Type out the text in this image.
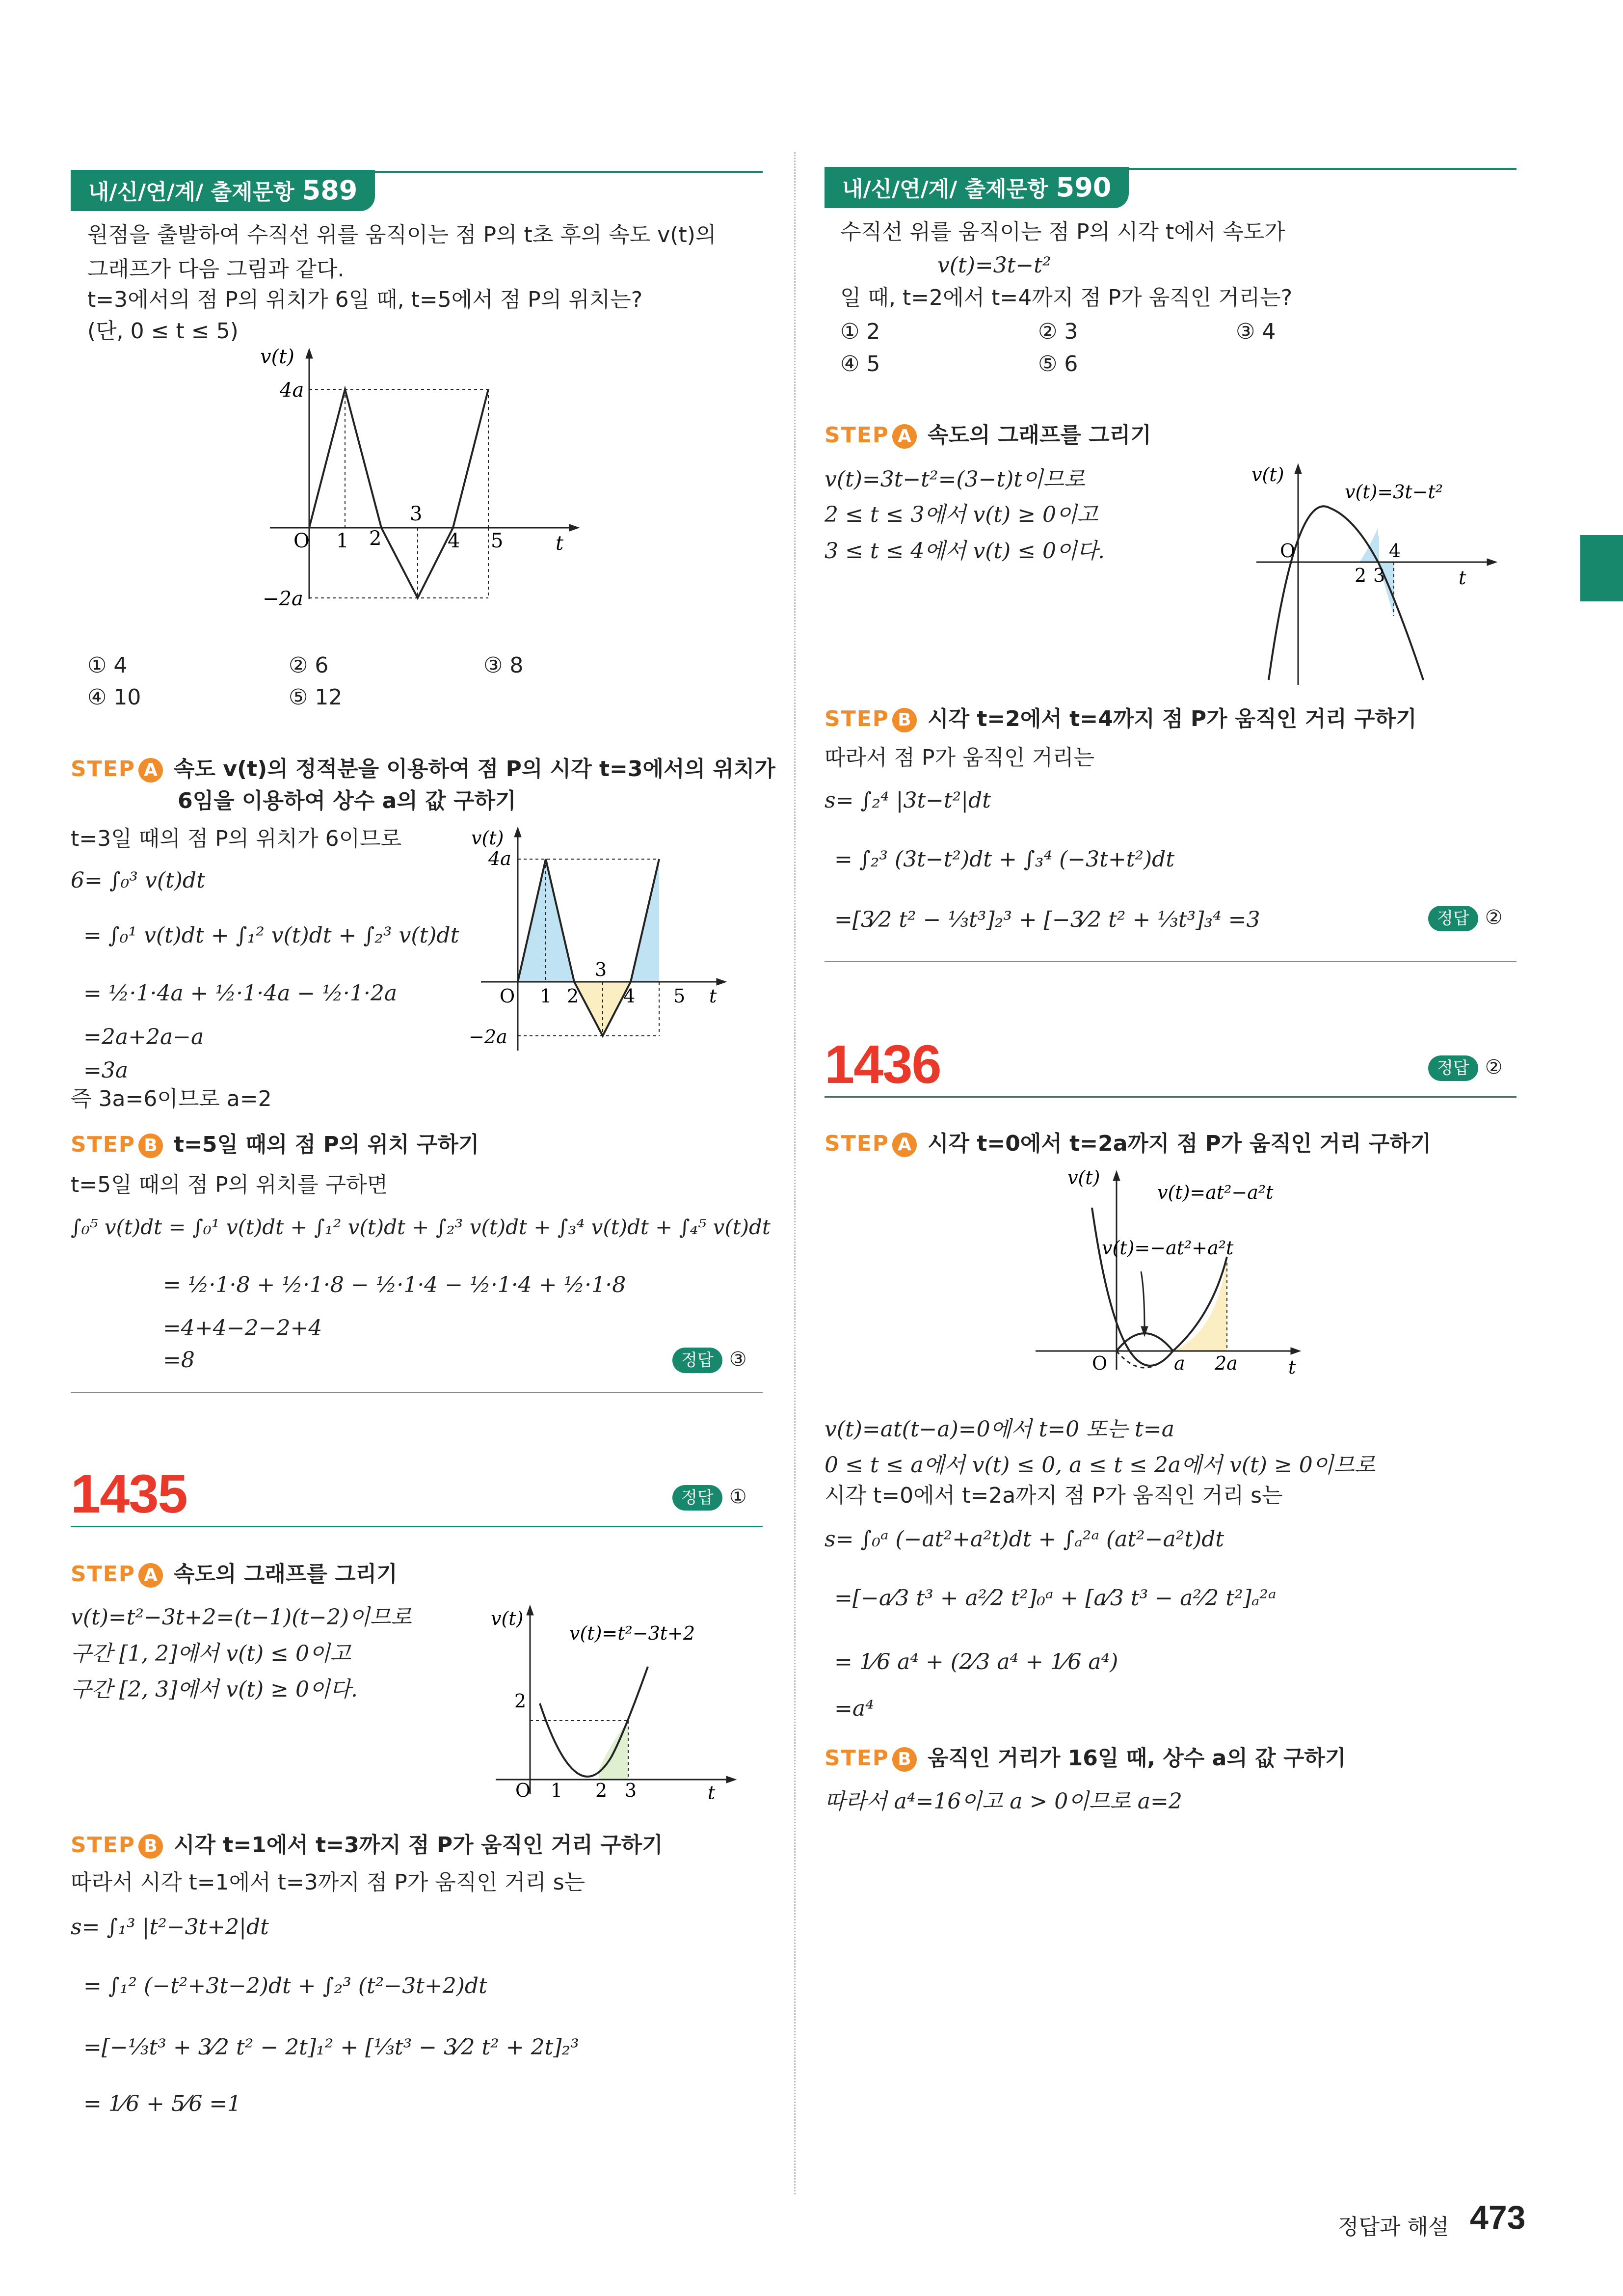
내/신/연/계/ 출제문항 589
원점을 출발하여 수직선 위를 움직이는 점 P의 t초 후의 속도 v(t)의
그래프가 다음 그림과 같다.
t=3에서의 점 P의 위치가 6일 때, t=5에서 점 P의 위치는?
(단, 0 ≤ t ≤ 5)
v(t)
4a
−2a
O 1 2
3
4 5	t
① 4	② 6	③ 8
④ 10	⑤ 12
STEP A 속도 v(t)의 정적분을 이용하여 점 P의 시각 t=3에서의 위치가
6임을 이용하여 상수 a의 값 구하기
t=3일 때의 점 P의 위치가 6이므로
6= ∫₀³ v(t)dt
= ∫₀¹ v(t)dt + ∫₁² v(t)dt + ∫₂³ v(t)dt
= ½·1·4a + ½·1·4a − ½·1·2a
=2a+2a−a
=3a
즉 3a=6이므로 a=2
v(t)
4a
−2a
O 1 2
3
4 5 t
STEP B t=5일 때의 점 P의 위치 구하기
t=5일 때의 점 P의 위치를 구하면
∫₀⁵ v(t)dt = ∫₀¹ v(t)dt + ∫₁² v(t)dt + ∫₂³ v(t)dt + ∫₃⁴ v(t)dt + ∫₄⁵ v(t)dt
= ½·1·8 + ½·1·8 − ½·1·4 − ½·1·4 + ½·1·8
=4+4−2−2+4
=8	정답 ③
1435	정답 ①
STEP A 속도의 그래프를 그리기
v(t)=t²−3t+2=(t−1)(t−2)이므로
구간 [1, 2]에서 v(t) ≤ 0이고
구간 [2, 3]에서 v(t) ≥ 0이다.
v(t)
v(t)=t²−3t+2
2
O 1 2 3	t
STEP B 시각 t=1에서 t=3까지 점 P가 움직인 거리 구하기
따라서 시각 t=1에서 t=3까지 점 P가 움직인 거리 s는
s= ∫₁³ |t²−3t+2|dt
= ∫₁² (−t²+3t−2)dt + ∫₂³ (t²−3t+2)dt
=[−⅓t³ + 3⁄2 t² − 2t]₁² + [⅓t³ − 3⁄2 t² + 2t]₂³
= 1⁄6 + 5⁄6 =1
내/신/연/계/ 출제문항 590
수직선 위를 움직이는 점 P의 시각 t에서 속도가
v(t)=3t−t²
일 때, t=2에서 t=4까지 점 P가 움직인 거리는?
① 2	② 3	③ 4
④ 5	⑤ 6
STEP A 속도의 그래프를 그리기
v(t)=3t−t²=(3−t)t이므로
2 ≤ t ≤ 3에서 v(t) ≥ 0이고
3 ≤ t ≤ 4에서 v(t) ≤ 0이다.
v(t)
v(t)=3t−t²
O
2 3
4
t
STEP B 시각 t=2에서 t=4까지 점 P가 움직인 거리 구하기
따라서 점 P가 움직인 거리는
s= ∫₂⁴ |3t−t²|dt
= ∫₂³ (3t−t²)dt + ∫₃⁴ (−3t+t²)dt
=[3⁄2 t² − ⅓t³]₂³ + [−3⁄2 t² + ⅓t³]₃⁴ =3	정답 ②
1436	정답 ②
STEP A 시각 t=0에서 t=2a까지 점 P가 움직인 거리 구하기
v(t)
v(t)=at²−a²t
v(t)=−at²+a²t
O	a 2a	t
v(t)=at(t−a)=0에서 t=0 또는 t=a
0 ≤ t ≤ a에서 v(t) ≤ 0, a ≤ t ≤ 2a에서 v(t) ≥ 0이므로
시각 t=0에서 t=2a까지 점 P가 움직인 거리 s는
s= ∫₀ᵃ (−at²+a²t)dt + ∫ₐ²ᵃ (at²−a²t)dt
=[−a⁄3 t³ + a²⁄2 t²]₀ᵃ + [a⁄3 t³ − a²⁄2 t²]ₐ²ᵃ
= 1⁄6 a⁴ + (2⁄3 a⁴ + 1⁄6 a⁴)
=a⁴
STEP B 움직인 거리가 16일 때, 상수 a의 값 구하기
따라서 a⁴=16이고 a > 0이므로 a=2
정답과 해설 473
